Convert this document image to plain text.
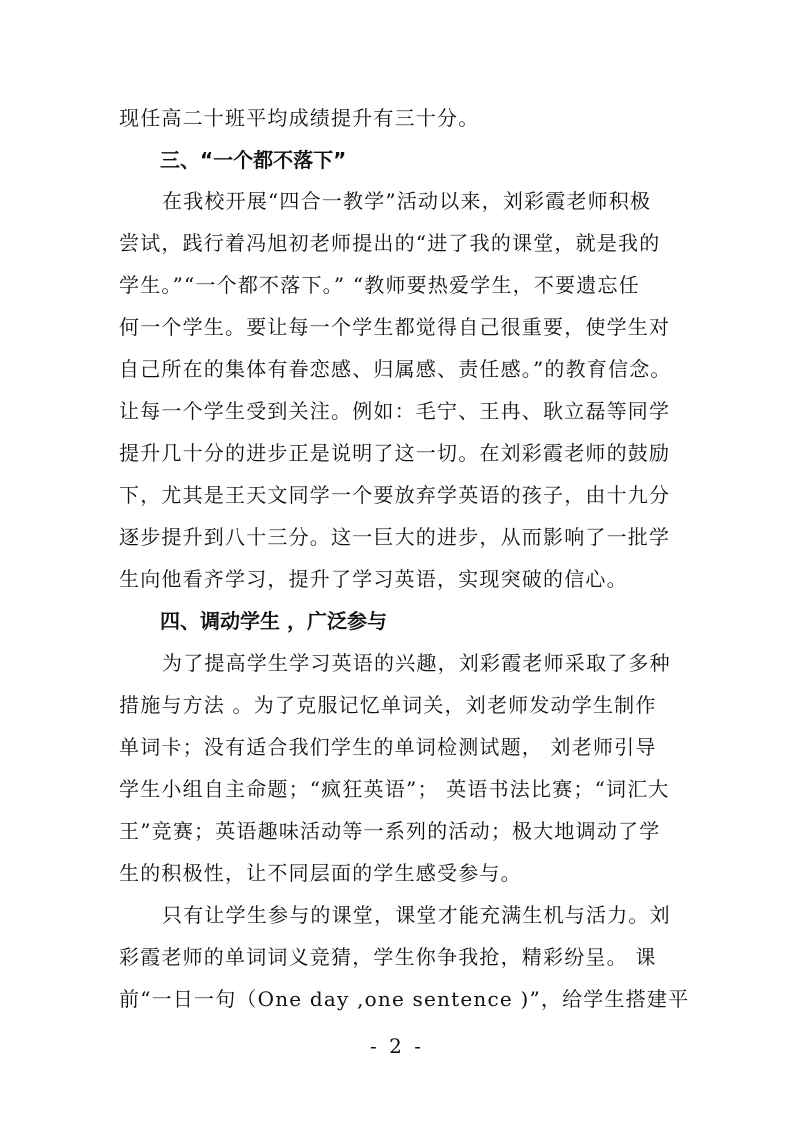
现任高二十班平均成绩提升有三十分。
三、“一个都不落下”
在我校开展“四合一教学”活动以来，刘彩霞老师积极
尝试，践行着冯旭初老师提出的“进了我的课堂，就是我的
学生。”“一个都不落下。” “教师要热爱学生，不要遗忘任
何一个学生。要让每一个学生都觉得自己很重要，使学生对
自己所在的集体有眷恋感、归属感、责任感。”的教育信念。
让每一个学生受到关注。例如：毛宁、王冉、耿立磊等同学
提升几十分的进步正是说明了这一切。在刘彩霞老师的鼓励
下，尤其是王天文同学一个要放弃学英语的孩子，由十九分
逐步提升到八十三分。这一巨大的进步，从而影响了一批学
生向他看齐学习，提升了学习英语，实现突破的信心。
四、调动学生 ，广泛参与
为了提高学生学习英语的兴趣，刘彩霞老师采取了多种
措施与方法 。为了克服记忆单词关，刘老师发动学生制作
单词卡；没有适合我们学生的单词检测试题， 刘老师引导
学生小组自主命题；“疯狂英语”； 英语书法比赛；“词汇大
王”竞赛；英语趣味活动等一系列的活动；极大地调动了学
生的积极性，让不同层面的学生感受参与。
只有让学生参与的课堂，课堂才能充满生机与活力。刘
彩霞老师的单词词义竞猜，学生你争我抢，精彩纷呈。 课
前“一日一句（One day ,one sentence )”，给学生搭建平
- 2 -
